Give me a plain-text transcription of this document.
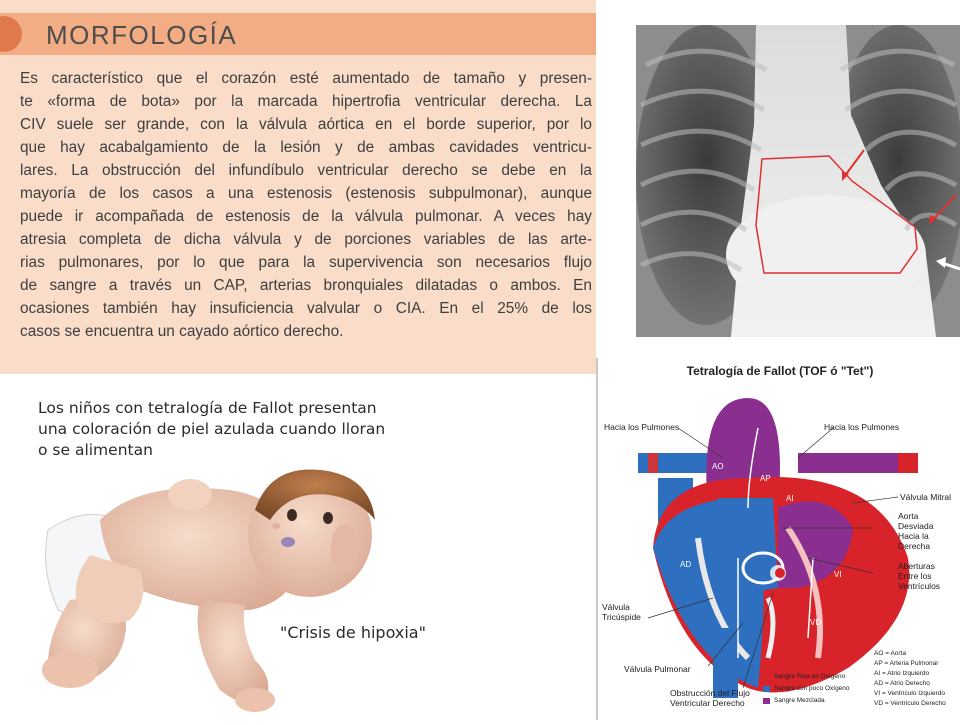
MORFOLOGÍA
Es característico que el corazón esté aumentado de tamaño y presen-
te «forma de bota» por la marcada hipertrofia ventricular derecha. La
CIV suele ser grande, con la válvula aórtica en el borde superior, por lo
que hay acabalgamiento de la lesión y de ambas cavidades ventricu-
lares. La obstrucción del infundíbulo ventricular derecho se debe en la
mayoría de los casos a una estenosis (estenosis subpulmonar), aunque
puede ir acompañada de estenosis de la válvula pulmonar. A veces hay
atresia completa de dicha válvula y de porciones variables de las arte-
rias pulmonares, por lo que para la supervivencia son necesarios flujo
de sangre a través un CAP, arterias bronquiales dilatadas o ambos. En
ocasiones también hay insuficiencia valvular o CIA. En el 25% de los
casos se encuentra un cayado aórtico derecho.
Los niños con tetralogía de Fallot presentan
una coloración de piel azulada cuando lloran
o se alimentan
"Crisis de hipoxia"
Tetralogía de Fallot (TOF ó "Tet")
Hacia los Pulmones	Hacia los Pulmones
Válvula Mitral
Aorta
Desviada
Hacia la
Derecha
Aberturas
Entre los
Ventrículos
Válvula
Tricúspide
Válvula Pulmonar
Obstrucción del Flujo
Ventricular Derecho
AO
AP
AI
AD
VI
VD
Sangre Rica en Oxígeno
Sangre con poco Oxígeno
Sangre Mezclada
AO = Aorta
AP = Arteria Pulmonar
AI = Atrio Izquierdo
AD = Atrio Derecho
VI = Ventrículo Izquierdo
VD = Ventrículo Derecho
